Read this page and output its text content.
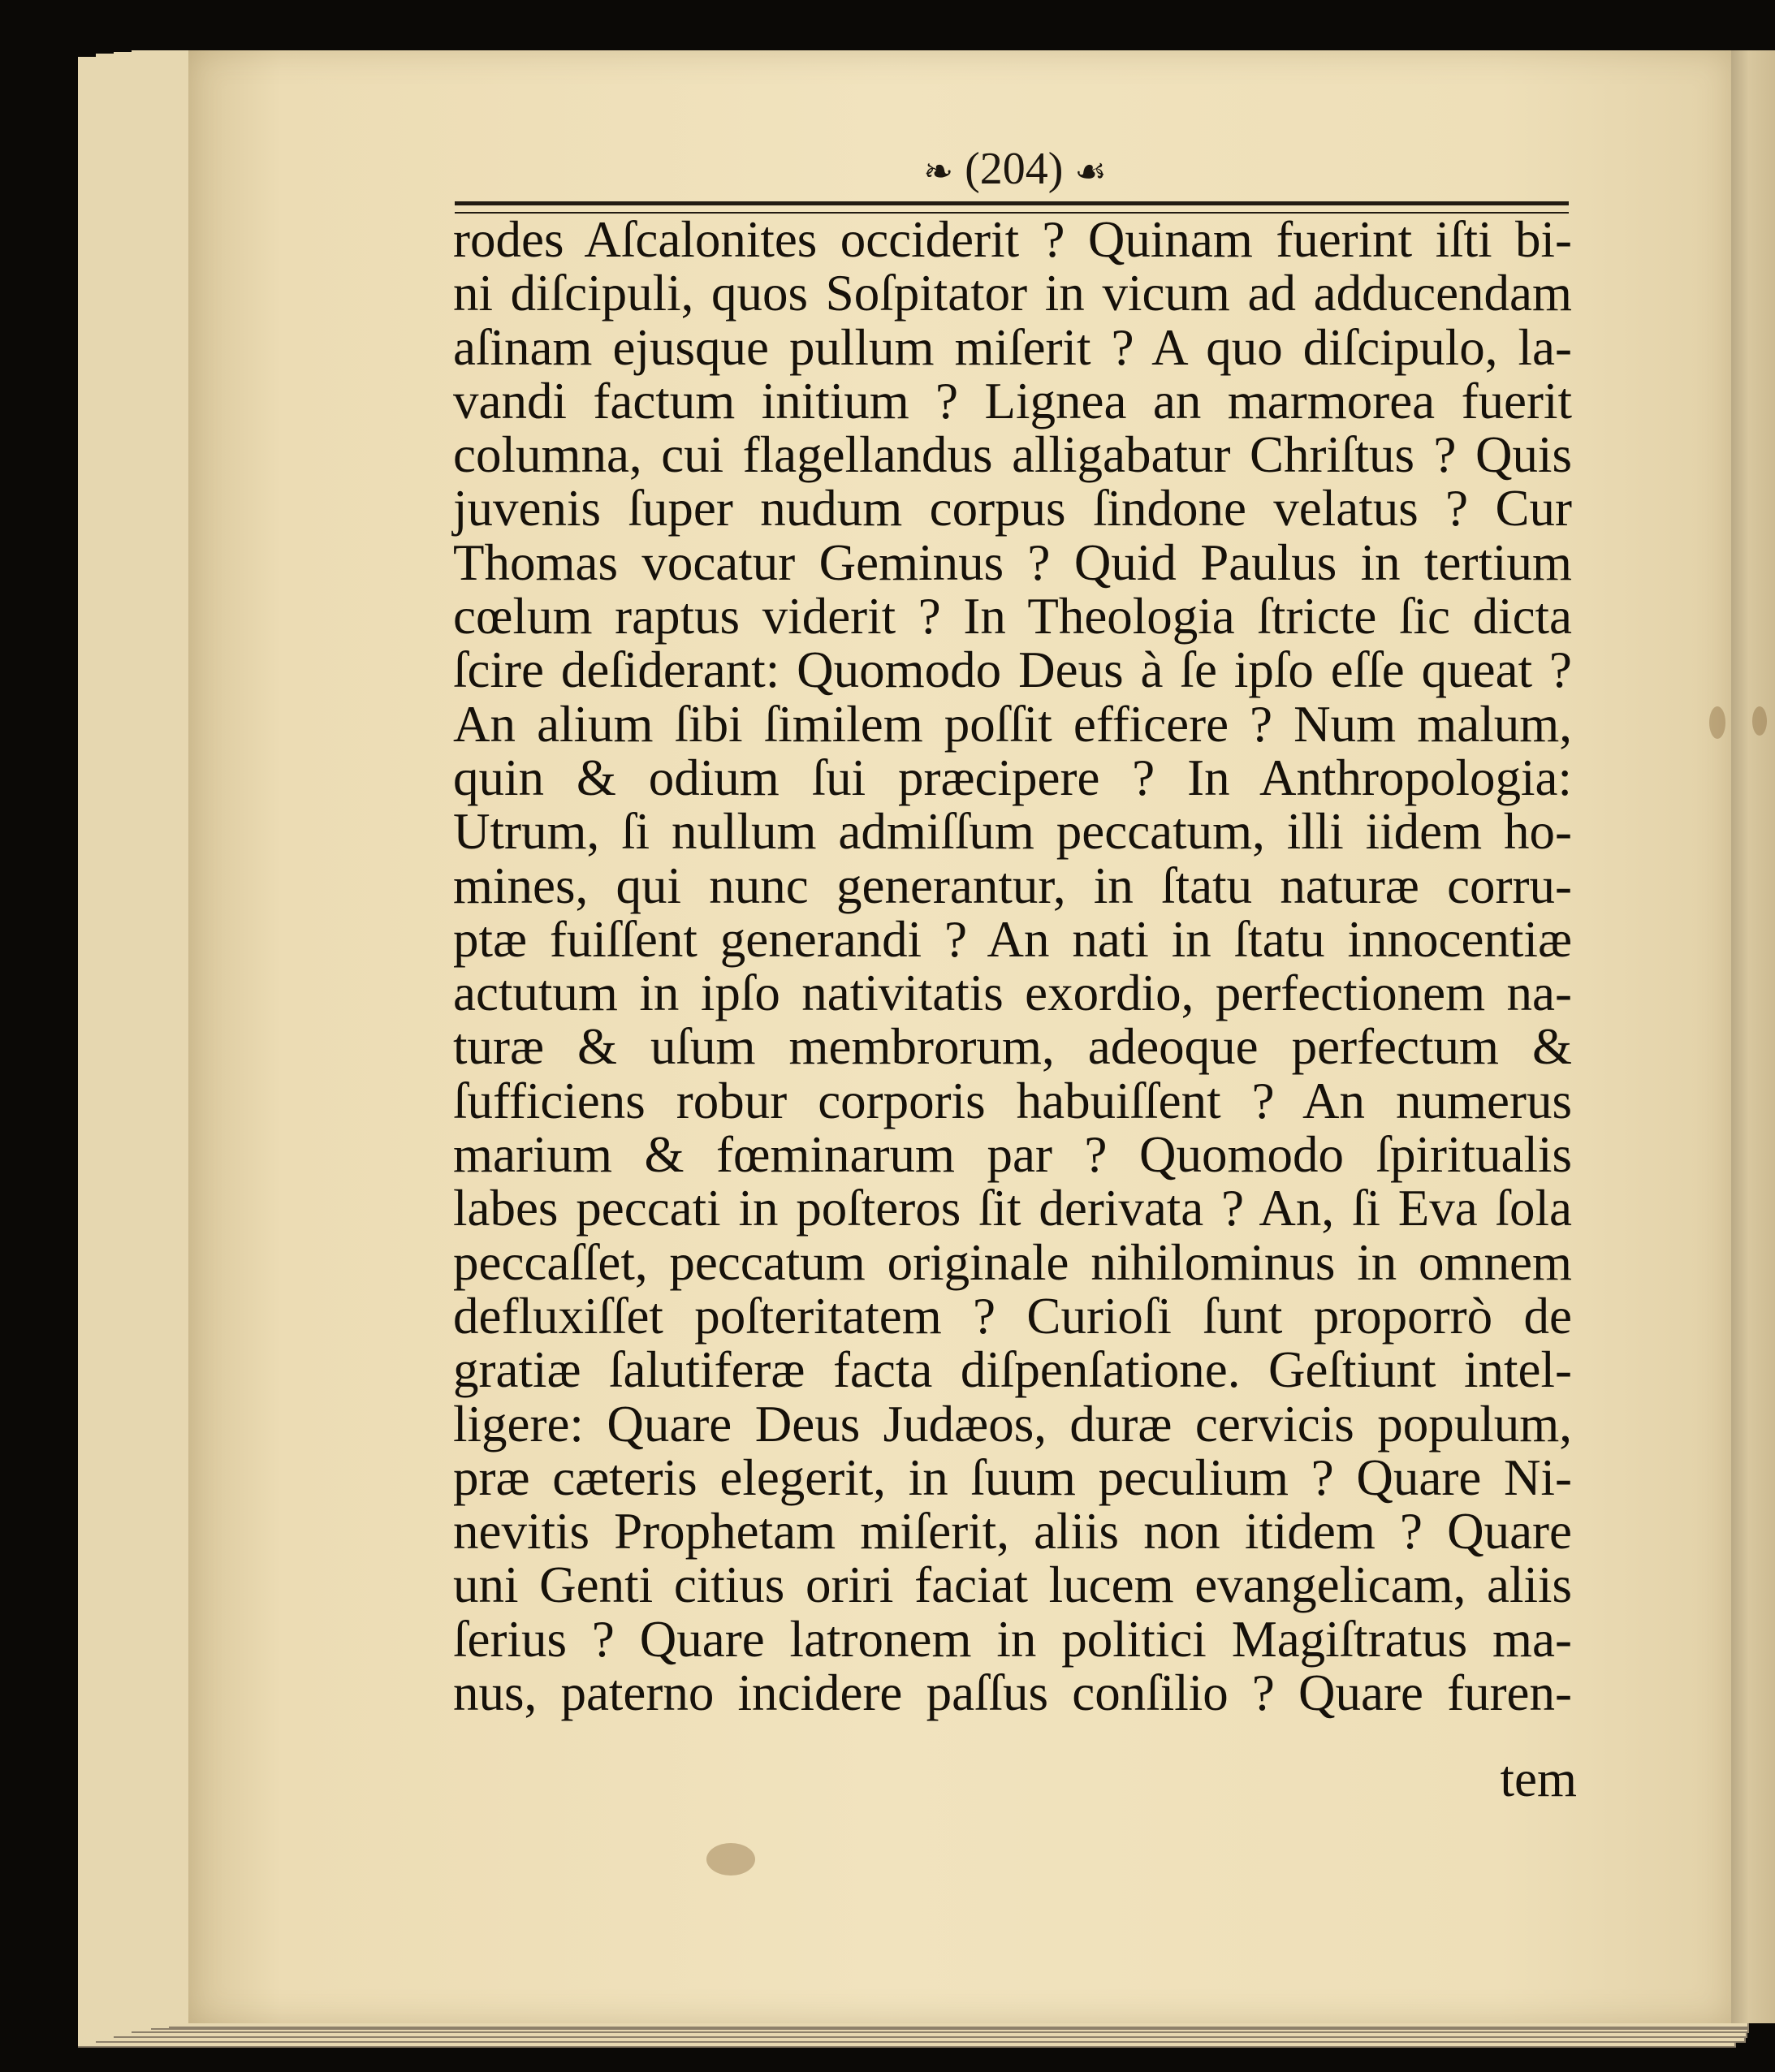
❧ (204) ☙
rodes Aſcalonites occiderit ? Quinam fuerint iſti bi-
ni diſcipuli, quos Soſpitator in vicum ad adducendam
aſinam ejusque pullum miſerit ? A quo diſcipulo, la-
vandi factum initium ? Lignea an marmorea fuerit
columna, cui flagellandus alligabatur Chriſtus ? Quis
juvenis ſuper nudum corpus ſindone velatus ? Cur
Thomas vocatur Geminus ? Quid Paulus in tertium
cœlum raptus viderit ? In Theologia ſtricte ſic dicta
ſcire deſiderant: Quomodo Deus à ſe ipſo eſſe queat ?
An alium ſibi ſimilem poſſit efficere ? Num malum,
quin & odium ſui præcipere ? In Anthropologia:
Utrum, ſi nullum admiſſum peccatum, illi iidem ho-
mines, qui nunc generantur, in ſtatu naturæ corru-
ptæ fuiſſent generandi ? An nati in ſtatu innocentiæ
actutum in ipſo nativitatis exordio, perfectionem na-
turæ & uſum membrorum, adeoque perfectum &
ſufficiens robur corporis habuiſſent ? An numerus
marium & fœminarum par ? Quomodo ſpiritualis
labes peccati in poſteros ſit derivata ? An, ſi Eva ſola
peccaſſet, peccatum originale nihilominus in omnem
defluxiſſet poſteritatem ? Curioſi ſunt proporrò de
gratiæ ſalutiferæ facta diſpenſatione. Geſtiunt intel-
ligere: Quare Deus Judæos, duræ cervicis populum,
præ cæteris elegerit, in ſuum peculium ? Quare Ni-
nevitis Prophetam miſerit, aliis non itidem ? Quare
uni Genti citius oriri faciat lucem evangelicam, aliis
ſerius ? Quare latronem in politici Magiſtratus ma-
nus, paterno incidere paſſus conſilio ? Quare furen-
tem
